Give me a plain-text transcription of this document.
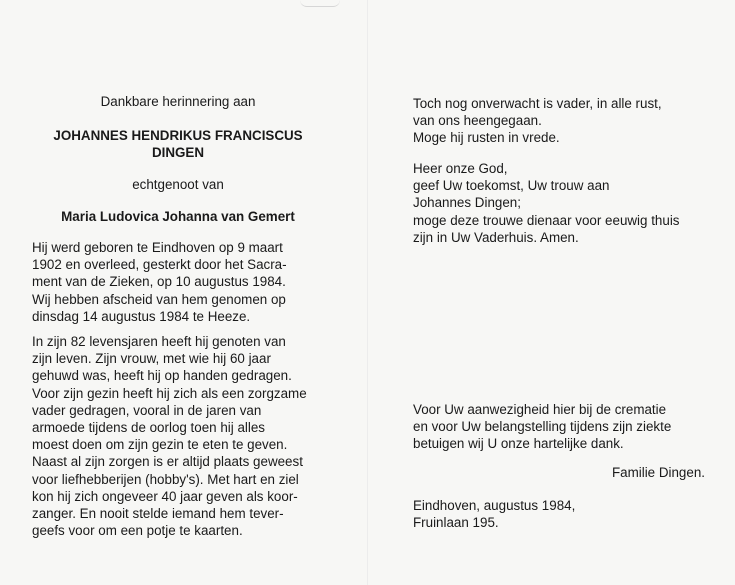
Dankbare herinnering aan
JOHANNES HENDRIKUS FRANCISCUS
DINGEN
echtgenoot van
Maria Ludovica Johanna van Gemert

Hij werd geboren te Eindhoven op 9 maart

1902 en overleed, gesterkt door het Sacra-

ment van de Zieken, op 10 augustus 1984.

Wij hebben afscheid van hem genomen op

dinsdag 14 augustus 1984 te Heeze.

In zijn 82 levensjaren heeft hij genoten van

zijn leven. Zijn vrouw, met wie hij 60 jaar

gehuwd was, heeft hij op handen gedragen.

Voor zijn gezin heeft hij zich als een zorgzame

vader gedragen, vooral in de jaren van

armoede tijdens de oorlog toen hij alles

moest doen om zijn gezin te eten te geven.

Naast al zijn zorgen is er altijd plaats geweest

voor liefhebberijen (hobby's). Met hart en ziel

kon hij zich ongeveer 40 jaar geven als koor-

zanger. En nooit stelde iemand hem tever-

geefs voor om een potje te kaarten.

Toch nog onverwacht is vader, in alle rust,

van ons heengegaan.

Moge hij rusten in vrede.

Heer onze God,

geef Uw toekomst, Uw trouw aan

Johannes Dingen;

moge deze trouwe dienaar voor eeuwig thuis

zijn in Uw Vaderhuis. Amen.

Voor Uw aanwezigheid hier bij de crematie

en voor Uw belangstelling tijdens zijn ziekte

betuigen wij U onze hartelijke dank.

Familie Dingen.
Eindhoven, augustus 1984,
Fruinlaan 195.
